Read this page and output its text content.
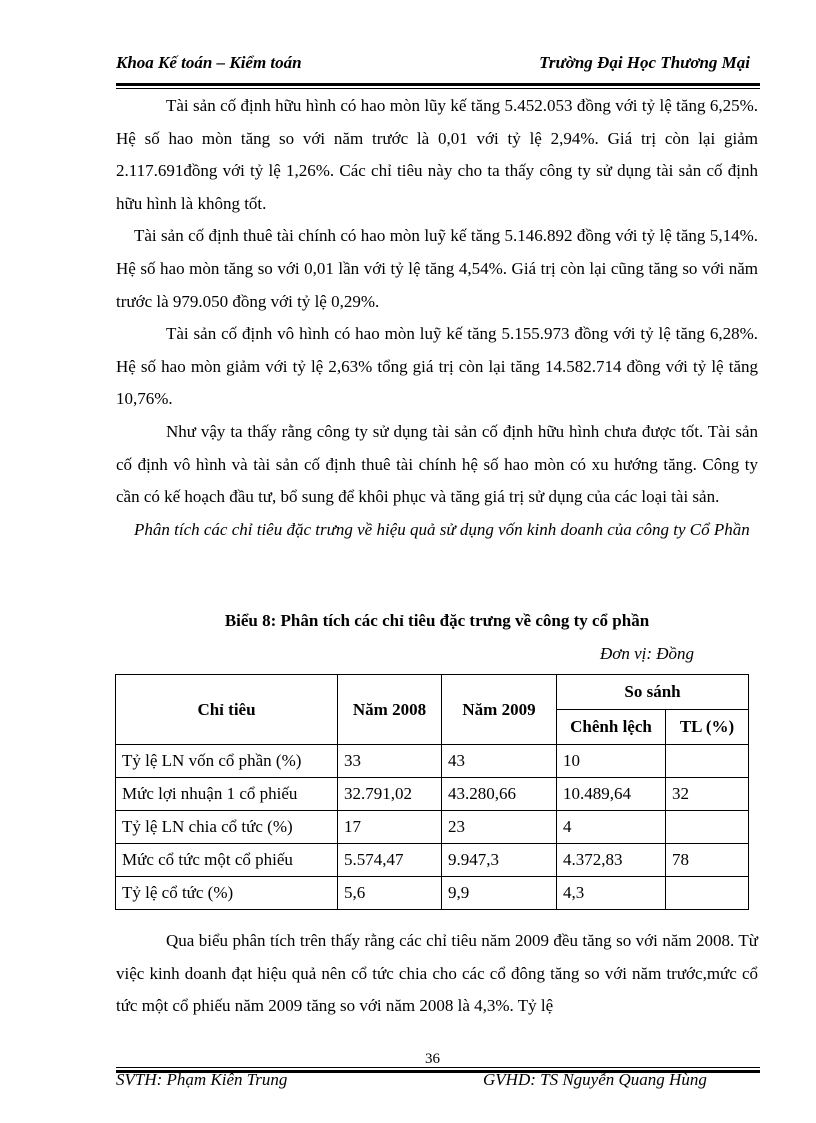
Khoa Kế toán – Kiểm toán	Trường Đại Học Thương Mại

Tài sản cố định hữu hình có hao mòn lũy kế tăng 5.452.053 đồng với tỷ lệ tăng 6,25%. Hệ số hao mòn tăng so với năm trước là 0,01 với tỷ lệ 2,94%. Giá trị còn lại giảm 2.117.691đồng với tỷ lệ 1,26%. Các chỉ tiêu này cho ta thấy công ty sử dụng tài sản cố định hữu hình là không tốt.

Tài sản cố định thuê tài chính có hao mòn luỹ kế tăng 5.146.892 đồng với tỷ lệ tăng 5,14%. Hệ số hao mòn tăng so với 0,01 lần với tỷ lệ tăng 4,54%. Giá trị còn lại cũng tăng so với năm trước là 979.050 đồng với tỷ lệ 0,29%.

Tài sản cố định vô hình có hao mòn luỹ kế tăng 5.155.973 đồng với tỷ lệ tăng 6,28%. Hệ số hao mòn giảm với tỷ lệ 2,63% tổng giá trị còn lại tăng 14.582.714 đồng với tỷ lệ tăng 10,76%.

Như vậy ta thấy rằng công ty sử dụng tài sản cố định hữu hình chưa được tốt. Tài sản cố định vô hình và tài sản cố định thuê tài chính hệ số hao mòn có xu hướng tăng. Công ty cần có kế hoạch đầu tư, bổ sung để khôi phục và tăng giá trị sử dụng của các loại tài sản.

Phân tích các chỉ tiêu đặc trưng về hiệu quả sử dụng vốn kinh doanh của công ty Cổ Phần

Biểu 8: Phân tích các chỉ tiêu đặc trưng về công ty cổ phần
Đơn vị: Đồng
Chỉ tiêu	Năm 2008	Năm 2009	So sánh	
			Chênh lệch	TL (%)
Tỷ lệ LN vốn cổ phần (%)	33	43	10	
Mức lợi nhuận 1 cổ phiếu	32.791,02	43.280,66	10.489,64	32
Tỷ lệ LN chia cổ tức (%)	17	23	4	
Mức cổ tức một cổ phiếu	5.574,47	9.947,3	4.372,83	78
Tỷ lệ cổ tức (%)	5,6	9,9	4,3	

Qua biểu phân tích trên thấy rằng các chỉ tiêu năm 2009 đều tăng so với năm 2008. Từ việc kinh doanh đạt hiệu quả nên cổ tức chia cho các cổ đông tăng so với năm trước,mức cổ tức một cổ phiếu năm 2009 tăng so với năm 2008 là 4,3%. Tỷ lệ

36
SVTH: Phạm Kiên Trung	GVHD: TS Nguyễn Quang Hùng
